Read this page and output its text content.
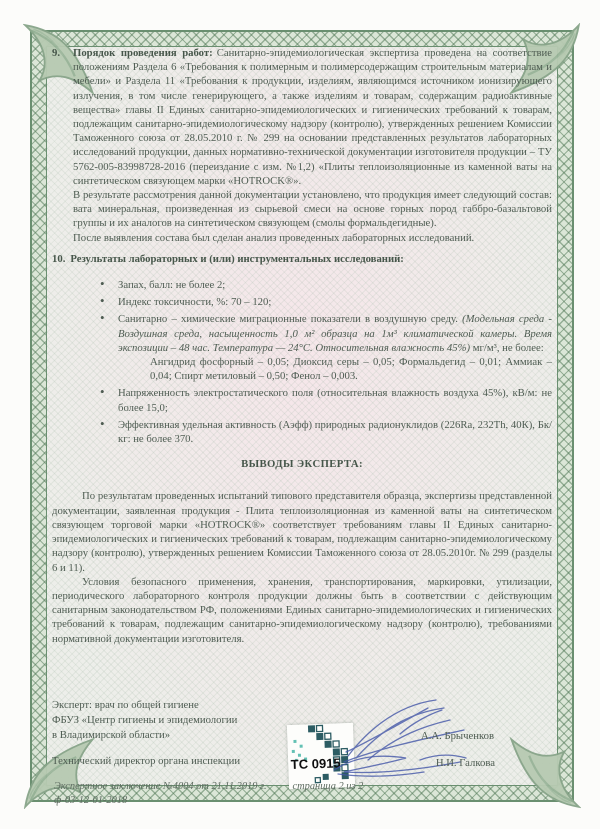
9.	Порядок проведения работ: Санитарно-эпидемиологическая экспертиза проведена на соответствие положениям Раздела 6 «Требования к полимерным и полимерсодержащим строительным материалам и мебели» и Раздела 11 «Требования к продукции, изделиям, являющимся источником ионизирующего излучения, в том числе генерирующего, а также изделиям и товарам, содержащим радиоактивные вещества» главы II Единых санитарно-эпидемиологических и гигиенических требований к товарам, подлежащим санитарно-эпидемиологическому надзору (контролю), утвержденных решением Комиссии Таможенного союза от 28.05.2010 г. № 299 на основании представленных результатов лабораторных исследований продукции, данных нормативно-технической документации изготовителя продукции – ТУ 5762-005-83998728-2016 (переиздание с изм. №1,2) «Плиты теплоизоляционные из каменной ваты на синтетическом связующем марки «HOTROCK®».

В результате рассмотрения данной документации установлено, что продукция имеет следующий состав: вата минеральная, произведенная из сырьевой смеси на основе горных пород габбро-базальтовой группы и их аналогов на синтетическом связующем (смолы формальдегидные).

После выявления состава был сделан анализ проведенных лабораторных исследований.

10. Результаты лабораторных и (или) инструментальных исследований:
• Запах, балл: не более 2;
• Индекс токсичности, %: 70 – 120;
• Санитарно – химические миграционные показатели в воздушную среду. (Модельная среда - Воздушная среда, насыщенность 1,0 м² образца на 1м³ климатической камеры. Время экспозиции – 48 час. Температура — 24°С. Относительная влажность 45%) мг/м³, не более:
Ангидрид фосфорный – 0,05; Диоксид серы – 0,05; Формальдегид – 0,01; Аммиак – 0,04; Спирт метиловый – 0,50; Фенол – 0,003.
• Напряженность электростатического поля (относительная влажность воздуха 45%), кВ/м: не более 15,0;
• Эффективная удельная активность (Аэфф) природных радионуклидов (226Ra, 232Th, 40К), Бк/кг: не более 370.
ВЫВОДЫ ЭКСПЕРТА:

По результатам проведенных испытаний типового представителя образца, экспертизы представленной документации, заявленная продукция - Плита теплоизоляционная из каменной ваты на синтетическом связующем торговой марки «HOTROCK®» соответствует требованиям главы II Единых санитарно-эпидемиологических и гигиенических требований к товарам, подлежащим санитарно-эпидемиологическому надзору (контролю), утвержденных решением Комиссии Таможенного союза от 28.05.2010г. № 299 (разделы 6 и 11).

Условия безопасного применения, хранения, транспортирования, маркировки, утилизации, периодического лабораторного контроля продукции должны быть в соответствии с действующим санитарным законодательством РФ, положениями Единых санитарно-эпидемиологических и гигиенических требований к товарам, подлежащим санитарно-эпидемиологическому надзору (контролю), требованиями нормативной документации изготовителя.

Эксперт: врач по общей гигиене
ФБУЗ «Центр гигиены и эпидемиологии
в Владимирской области»
Технический директор органа инспекции	ТС 0915
А.А. Брыченков
Н.И. Галкова
Экспертное заключение №4004 от 21.11.2019 г.	страница 2 из 2
ф-03-12-01-2018
